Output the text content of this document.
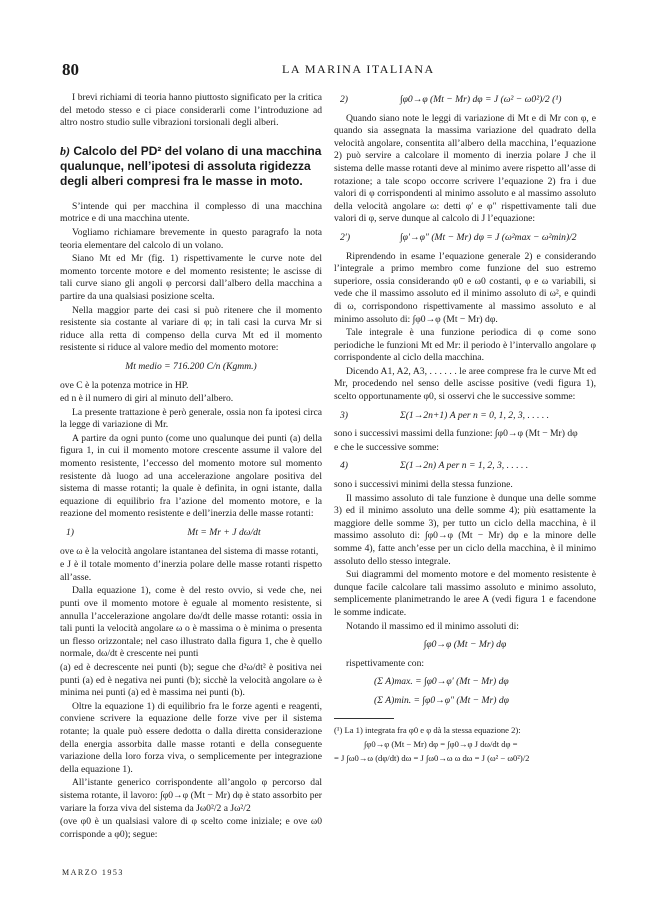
80	LA MARINA ITALIANA

I brevi richiami di teoria hanno piuttosto significato per la critica del metodo stesso e ci piace considerarli come l’introduzione ad altro nostro studio sulle vibrazioni torsionali degli alberi.

b) Calcolo del PD² del volano di una macchina qualunque, nell’ipotesi di assoluta rigidezza degli alberi compresi fra le masse in moto.

S’intende qui per macchina il complesso di una macchina motrice e di una macchina utente.

Vogliamo richiamare brevemente in questo paragrafo la nota teoria elementare del calcolo di un volano.

Siano Mt ed Mr (fig. 1) rispettivamente le curve note del momento torcente motore e del momento resistente; le ascisse di tali curve siano gli angoli φ percorsi dall’albero della macchina a partire da una qualsiasi posizione scelta.

Nella maggior parte dei casi si può ritenere che il momento resistente sia costante al variare di φ; in tali casi la curva Mr si riduce alla retta di compenso della curva Mt ed il momento resistente si riduce al valore medio del momento motore:

Mt medio = 716.200 C/n (Kgmm.)

ove C è la potenza motrice in HP.

ed n è il numero di giri al minuto dell’albero.

La presente trattazione è però generale, ossia non fa ipotesi circa la legge di variazione di Mr.

A partire da ogni punto (come uno qualunque dei punti (a) della figura 1, in cui il momento motore crescente assume il valore del momento resistente, l’eccesso del momento motore sul momento resistente dà luogo ad una accelerazione angolare positiva del sistema di masse rotanti; la quale è definita, in ogni istante, dalla equazione di equilibrio fra l’azione del momento motore, e la reazione del momento resistente e dell’inerzia delle masse rotanti:

1)	Mt = Mr + J dω/dt

ove ω è la velocità angolare istantanea del sistema di masse rotanti,

e J è il totale momento d’inerzia polare delle masse rotanti rispetto all’asse.

Dalla equazione 1), come è del resto ovvio, si vede che, nei punti ove il momento motore è eguale al momento resistente, si annulla l’accelerazione angolare dω/dt delle masse rotanti: ossia in tali punti la velocità angolare ω o è massima o è minima o presenta un flesso orizzontale; nel caso illustrato dalla figura 1, che è quello normale, dω/dt è crescente nei punti

(a) ed è decrescente nei punti (b); segue che d²ω/dt² è positiva nei punti (a) ed è negativa nei punti (b); sicchè la velocità angolare ω è minima nei punti (a) ed è massima nei punti (b).

Oltre la equazione 1) di equilibrio fra le forze agenti e reagenti, conviene scrivere la equazione delle forze vive per il sistema rotante; la quale può essere dedotta o dalla diretta considerazione della energia assorbita dalle masse rotanti e della conseguente variazione della loro forza viva, o semplicemente per integrazione della equazione 1).

All’istante generico corrispondente all’angolo φ percorso dal sistema rotante, il lavoro: ∫φ0→φ (Mt − Mr) dφ è stato assorbito per variare la forza viva del sistema da Jω0²/2 a Jω²/2

(ove φ0 è un qualsiasi valore di φ scelto come iniziale; e ove ω0 corrisponde a φ0); segue:

2)	∫φ0→φ (Mt − Mr) dφ = J (ω² − ω0²)/2 (¹)

Quando siano note le leggi di variazione di Mt e di Mr con φ, e quando sia assegnata la massima variazione del quadrato della velocità angolare, consentita all’albero della macchina, l’equazione 2) può servire a calcolare il momento di inerzia polare J che il sistema delle masse rotanti deve al minimo avere rispetto all’asse di rotazione; a tale scopo occorre scrivere l’equazione 2) fra i due valori di φ corrispondenti al minimo assoluto e al massimo assoluto della velocità angolare ω: detti φ′ e φ″ rispettivamente tali due valori di φ, serve dunque al calcolo di J l’equazione:

2′)	∫φ′→φ″ (Mt − Mr) dφ = J (ω²max − ω²min)/2

Riprendendo in esame l’equazione generale 2) e considerando l’integrale a primo membro come funzione del suo estremo superiore, ossia considerando φ0 e ω0 costanti, φ e ω variabili, si vede che il massimo assoluto ed il minimo assoluto di ω², e quindi di ω, corrispondono rispettivamente al massimo assoluto e al minimo assoluto di: ∫φ0→φ (Mt − Mr) dφ.

Tale integrale è una funzione periodica di φ come sono periodiche le funzioni Mt ed Mr: il periodo è l’intervallo angolare φ corrispondente al ciclo della macchina.

Dicendo A1, A2, A3, . . . . . . le aree comprese fra le curve Mt ed Mr, procedendo nel senso delle ascisse positive (vedi figura 1), scelto opportunamente φ0, si osservi che le successive somme:

3)	Σ(1→2n+1) A per n = 0, 1, 2, 3, . . . . .

sono i successivi massimi della funzione: ∫φ0→φ (Mt − Mr) dφ

e che le successive somme:

4)	Σ(1→2n) A per n = 1, 2, 3, . . . . .

sono i successivi minimi della stessa funzione.

Il massimo assoluto di tale funzione è dunque una delle somme 3) ed il minimo assoluto una delle somme 4); più esattamente la maggiore delle somme 3), per tutto un ciclo della macchina, è il massimo assoluto di: ∫φ0→φ (Mt − Mr) dφ e la minore delle somme 4), fatte anch’esse per un ciclo della macchina, è il minimo assoluto dello stesso integrale.

Sui diagrammi del momento motore e del momento resistente è dunque facile calcolare tali massimo assoluto e minimo assoluto, semplicemente planimetrando le aree A (vedi figura 1 e facendone le somme indicate.

Notando il massimo ed il minimo assoluti di:

∫φ0→φ (Mt − Mr) dφ

rispettivamente con:

(Σ A)max. = ∫φ0→φ′ (Mt − Mr) dφ
(Σ A)min. = ∫φ0→φ″ (Mt − Mr) dφ
(¹) La 1) integrata fra φ0 e φ dà la stessa equazione 2):
∫φ0→φ (Mt − Mr) dφ = ∫φ0→φ J dω/dt dφ =
= J ∫ω0→ω (dφ/dt) dω = J ∫ω0→ω ω dω = J (ω² − ω0²)/2
MARZO 1953
